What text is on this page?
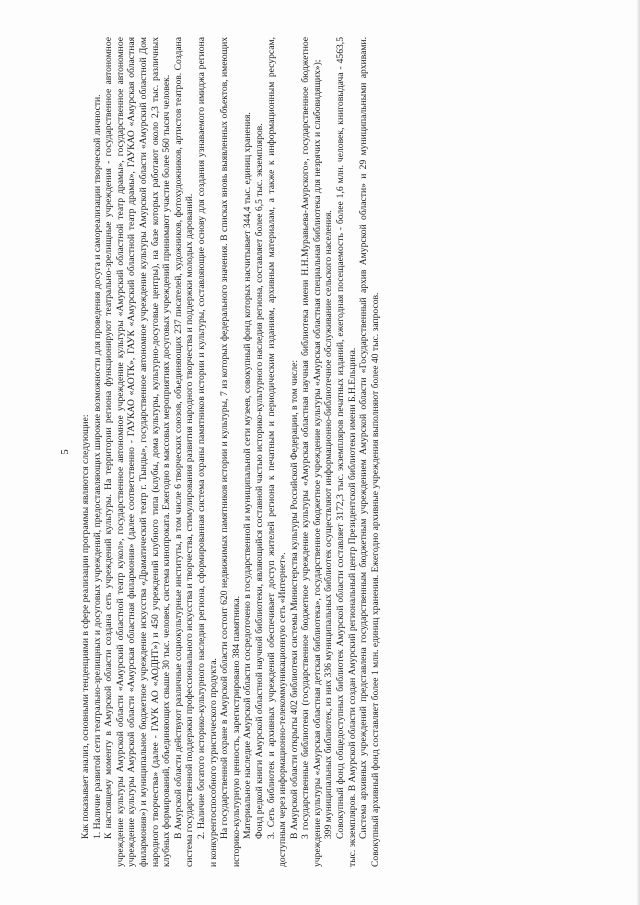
5 Как показывает анализ, основными тенденциями в сфере реализации программы являются следующие: 1. Наличие развитой сети театрально-зрелищных и досуговых учреждений, предоставляющих широкие возможности для проведения досуга и самореализации творческой личности. К настоящему моменту в Амурской области создана сеть учреждений культуры. На территории региона функционируют театрально-зрелищные учреждения - государственное автономное учреждение культуры Амурской области «Амурский областной театр кукол», государственное автономное учреждение культуры «Амурский областной театр драмы», государственное автономное учреждение культуры Амурской области «Амурская областная филармония» (далее соответственно - ГАУКАО «АОТК», ГАУК «Амурский областной театр драмы», ГАУКАО «Амурская областная филармония») и муниципальное бюджетное учреждение искусства «Драматический театр г. Тынды», государственное автономное учреждение культуры Амурской области «Амурский областной Дом народного творчества» (далее - ГАУК АО «АОДНТ») и 450 учреждений клубного типа (клубы, дома культуры, культурно-досуговые центры), на базе которых работают около 2,3 тыс. различных клубных формирований, объединяющих свыше 30 тыс. человек, система кинопроката. Ежегодно в массовых мероприятиях досуговых учреждений принимают участие более 560 тысяч человек. В Амурской области действуют различные социокультурные институты, в том числе 6 творческих союзов, объединяющих 237 писателей, художников, фотохудожников, артистов театров. Создана система государственной поддержки профессионального искусства и творчества, стимулирования развития народного творчества и поддержки молодых дарований. 2. Наличие богатого историко-культурного наследия региона, сформированная система охраны памятников истории и культуры, составляющие основу для создания узнаваемого имиджа региона и конкурентоспособного туристического продукта. На государственной охране в Амурской области состоит 620 недвижимых памятников истории и культуры, 7 из которых федерального значения. В списках вновь выявленных объектов, имеющих историко-культурную ценность, зарегистрировано 384 памятника. Материальное наследие Амурской области сосредоточено в государственной и муниципальной сети музеев, совокупный фонд которых насчитывает 344,4 тыс. единиц хранения. Фонд редкой книги Амурской областной научной библиотеки, являющийся составной частью историко-культурного наследия региона, составляет более 6,5 тыс. экземпляров. 3. Сеть библиотек и архивных учреждений обеспечивает доступ жителей региона к печатным и периодическим изданиям, архивным материалам, а также к информационным ресурсам, доступным через информационно-телекоммуникационную сеть «Интернет». В Амурской области открыты 402 библиотеки системы Министерства культуры Российской Федерации, в том числе: 3 государственные библиотеки (государственное бюджетное учреждение культуры «Амурская областная научная библиотека имени Н.Н.Муравьева-Амурского», государственное бюджетное учреждение культуры «Амурская областная детская библиотека», государственное бюджетное учреждение культуры «Амурская областная специальная библиотека для незрячих и слабовидящих»); 399 муниципальных библиотек, из них 336 муниципальных библиотек осуществляют информационно-библиотечное обслуживание сельского населения. Совокупный фонд общедоступных библиотек Амурской области составляет 3172,3 тыс. экземпляров печатных изданий, ежегодная посещаемость - более 1,6 млн. человек, книговыдача - 4563,5 тыс. экземпляров. В Амурской области создан Амурский региональный центр Президентской библиотеки имени Б.Н.Ельцина. Система архивных учреждений представлена государственным бюджетным учреждением Амурской области «Государственный архив Амурской области» и 29 муниципальными архивами. Совокупный архивный фонд составляет более 1 млн. единиц хранения. Ежегодно архивные учреждения выполняют более 40 тыс. запросов.
